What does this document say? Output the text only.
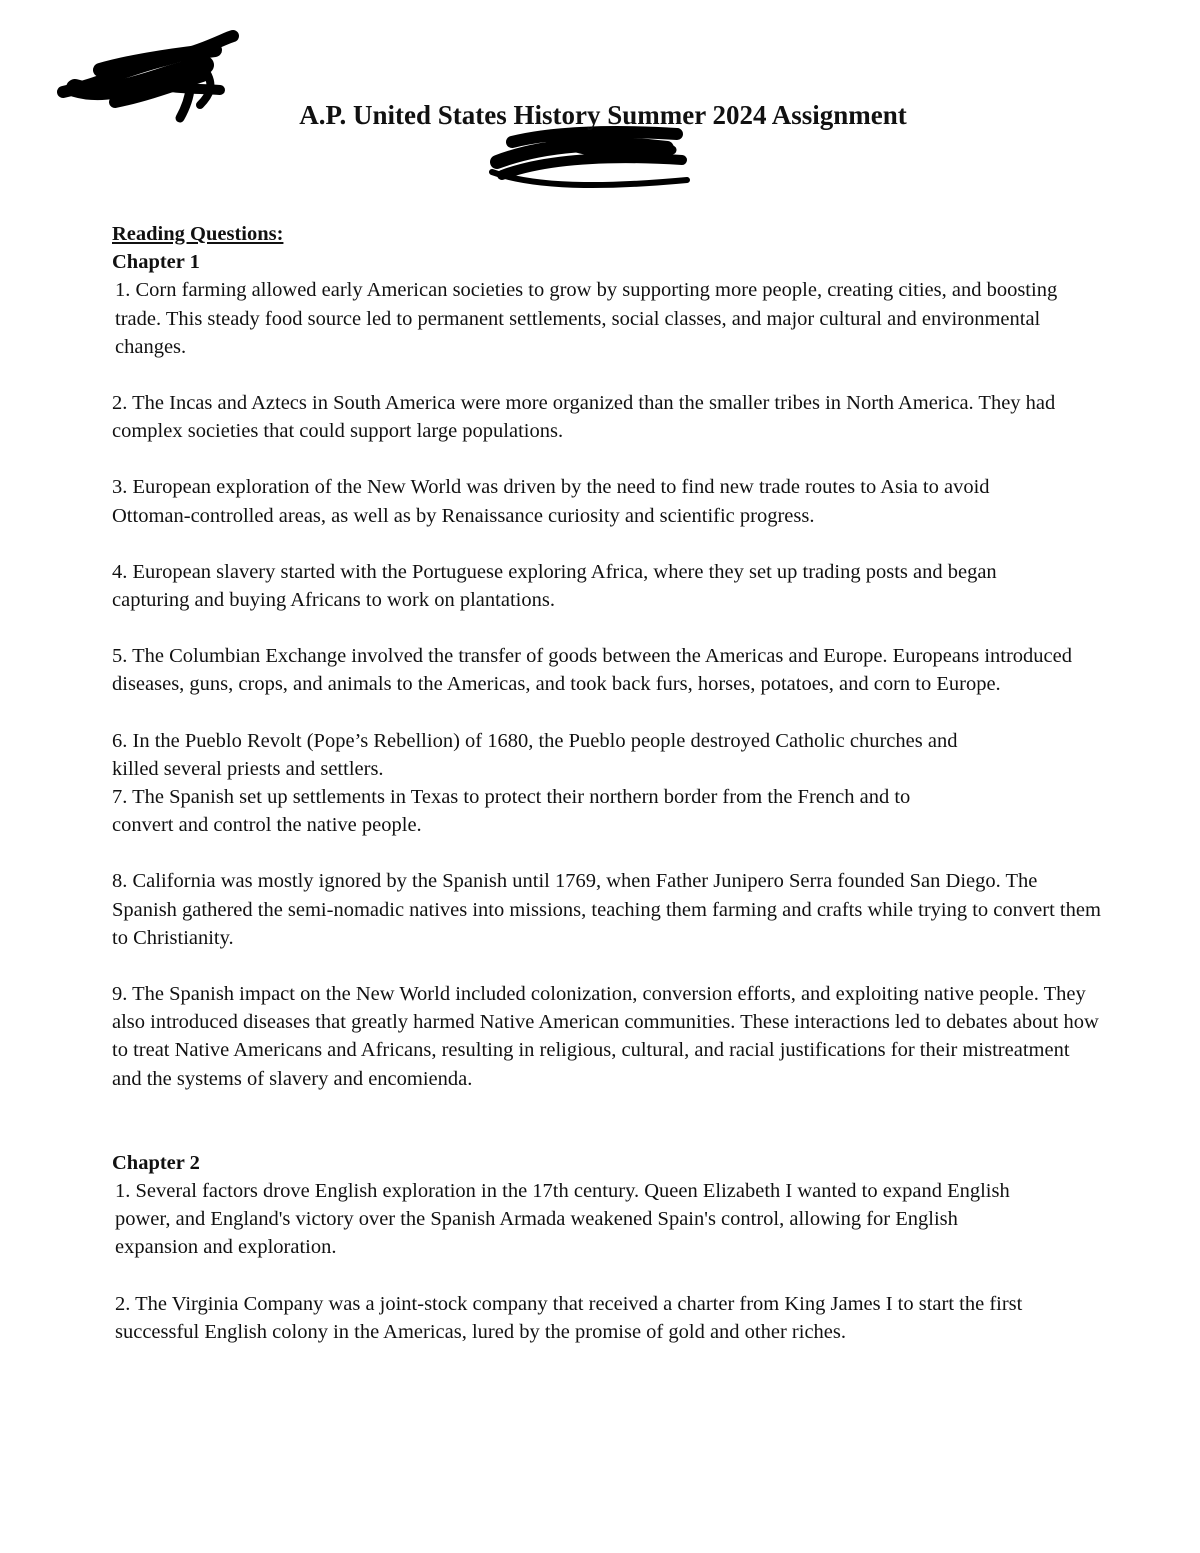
A.P. United States History Summer 2024 Assignment
Reading Questions:
Chapter 1

1. Corn farming allowed early American societies to grow by supporting more people, creating cities, and boosting trade. This steady food source led to permanent settlements, social classes, and major cultural and environmental changes.

2. The Incas and Aztecs in South America were more organized than the smaller tribes in North America. They had complex societies that could support large populations.

3. European exploration of the New World was driven by the need to find new trade routes to Asia to avoid Ottoman-controlled areas, as well as by Renaissance curiosity and scientific progress.

4. European slavery started with the Portuguese exploring Africa, where they set up trading posts and began capturing and buying Africans to work on plantations.

5. The Columbian Exchange involved the transfer of goods between the Americas and Europe. Europeans introduced diseases, guns, crops, and animals to the Americas, and took back furs, horses, potatoes, and corn to Europe.

6. In the Pueblo Revolt (Pope’s Rebellion) of 1680, the Pueblo people destroyed Catholic churches and killed several priests and settlers.

7. The Spanish set up settlements in Texas to protect their northern border from the French and to convert and control the native people.

8. California was mostly ignored by the Spanish until 1769, when Father Junipero Serra founded San Diego. The Spanish gathered the semi-nomadic natives into missions, teaching them farming and crafts while trying to convert them to Christianity.

9. The Spanish impact on the New World included colonization, conversion efforts, and exploiting native people. They also introduced diseases that greatly harmed Native American communities. These interactions led to debates about how to treat Native Americans and Africans, resulting in religious, cultural, and racial justifications for their mistreatment and the systems of slavery and encomienda.

Chapter 2

1. Several factors drove English exploration in the 17th century. Queen Elizabeth I wanted to expand English power, and England's victory over the Spanish Armada weakened Spain's control, allowing for English expansion and exploration.

2. The Virginia Company was a joint-stock company that received a charter from King James I to start the first successful English colony in the Americas, lured by the promise of gold and other riches.
